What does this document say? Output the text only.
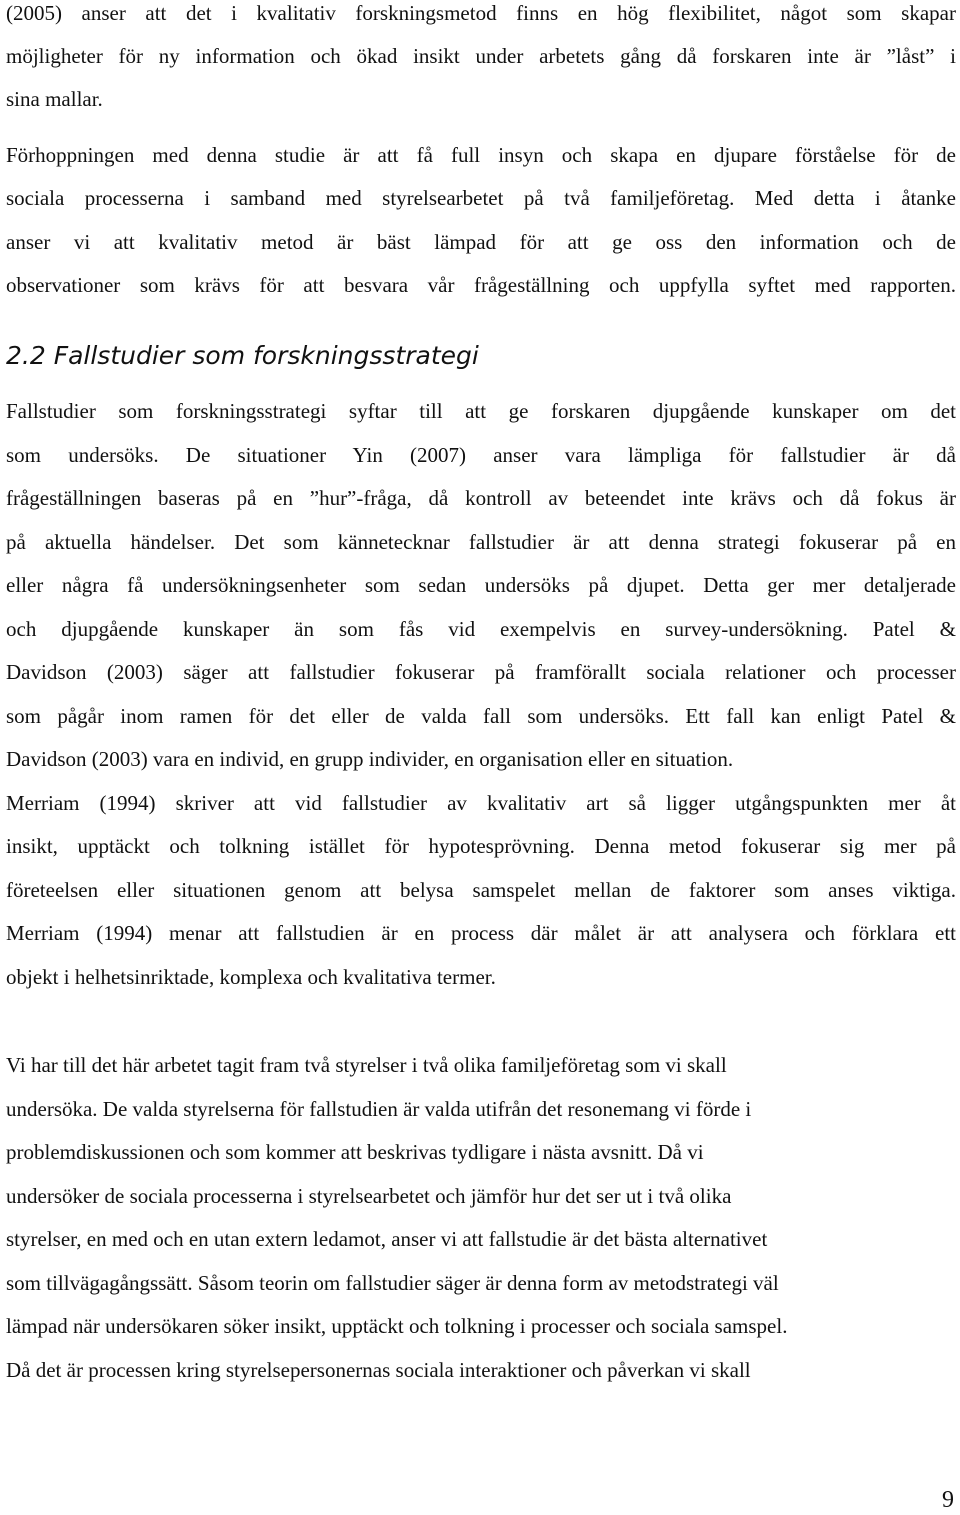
(2005) anser att det i kvalitativ forskningsmetod finns en hög flexibilitet, något som skapar
möjligheter för ny information och ökad insikt under arbetets gång då forskaren inte är ”låst” i
sina mallar.
Förhoppningen med denna studie är att få full insyn och skapa en djupare förståelse för de
sociala processerna i samband med styrelsearbetet på två familjeföretag. Med detta i åtanke
anser vi att kvalitativ metod är bäst lämpad för att ge oss den information och de
observationer som krävs för att besvara vår frågeställning och uppfylla syftet med rapporten.
2.2 Fallstudier som forskningsstrategi
Fallstudier som forskningsstrategi syftar till att ge forskaren djupgående kunskaper om det
som undersöks. De situationer Yin (2007) anser vara lämpliga för fallstudier är då
frågeställningen baseras på en ”hur”-fråga, då kontroll av beteendet inte krävs och då fokus är
på aktuella händelser. Det som kännetecknar fallstudier är att denna strategi fokuserar på en
eller några få undersökningsenheter som sedan undersöks på djupet. Detta ger mer detaljerade
och djupgående kunskaper än som fås vid exempelvis en survey-undersökning. Patel &
Davidson (2003) säger att fallstudier fokuserar på framförallt sociala relationer och processer
som pågår inom ramen för det eller de valda fall som undersöks. Ett fall kan enligt Patel &
Davidson (2003) vara en individ, en grupp individer, en organisation eller en situation.
Merriam (1994) skriver att vid fallstudier av kvalitativ art så ligger utgångspunkten mer åt
insikt, upptäckt och tolkning istället för hypotesprövning. Denna metod fokuserar sig mer på
företeelsen eller situationen genom att belysa samspelet mellan de faktorer som anses viktiga.
Merriam (1994) menar att fallstudien är en process där målet är att analysera och förklara ett
objekt i helhetsinriktade, komplexa och kvalitativa termer.
Vi har till det här arbetet tagit fram två styrelser i två olika familjeföretag som vi skall
undersöka. De valda styrelserna för fallstudien är valda utifrån det resonemang vi förde i
problemdiskussionen och som kommer att beskrivas tydligare i nästa avsnitt. Då vi
undersöker de sociala processerna i styrelsearbetet och jämför hur det ser ut i två olika
styrelser, en med och en utan extern ledamot, anser vi att fallstudie är det bästa alternativet
som tillvägagångssätt. Såsom teorin om fallstudier säger är denna form av metodstrategi väl
lämpad när undersökaren söker insikt, upptäckt och tolkning i processer och sociala samspel.
Då det är processen kring styrelsepersonernas sociala interaktioner och påverkan vi skall
9
